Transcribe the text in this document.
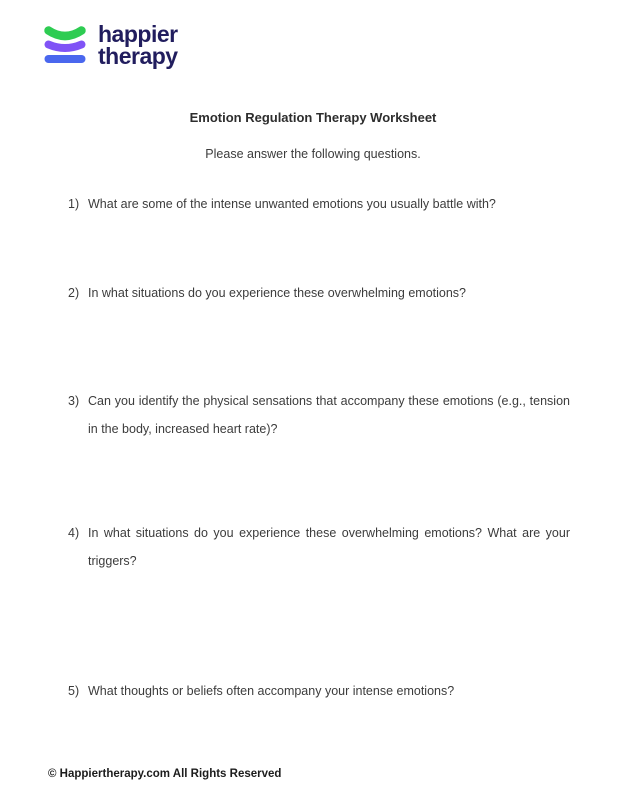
happier
therapy
Emotion Regulation Therapy Worksheet
Please answer the following questions.
1) What are some of the intense unwanted emotions you usually battle with?
2) In what situations do you experience these overwhelming emotions?
3) Can you identify the physical sensations that accompany these emotions (e.g., tension in the body, increased heart rate)?
4) In what situations do you experience these overwhelming emotions? What are your triggers?
5) What thoughts or beliefs often accompany your intense emotions?
© Happiertherapy.com All Rights Reserved
